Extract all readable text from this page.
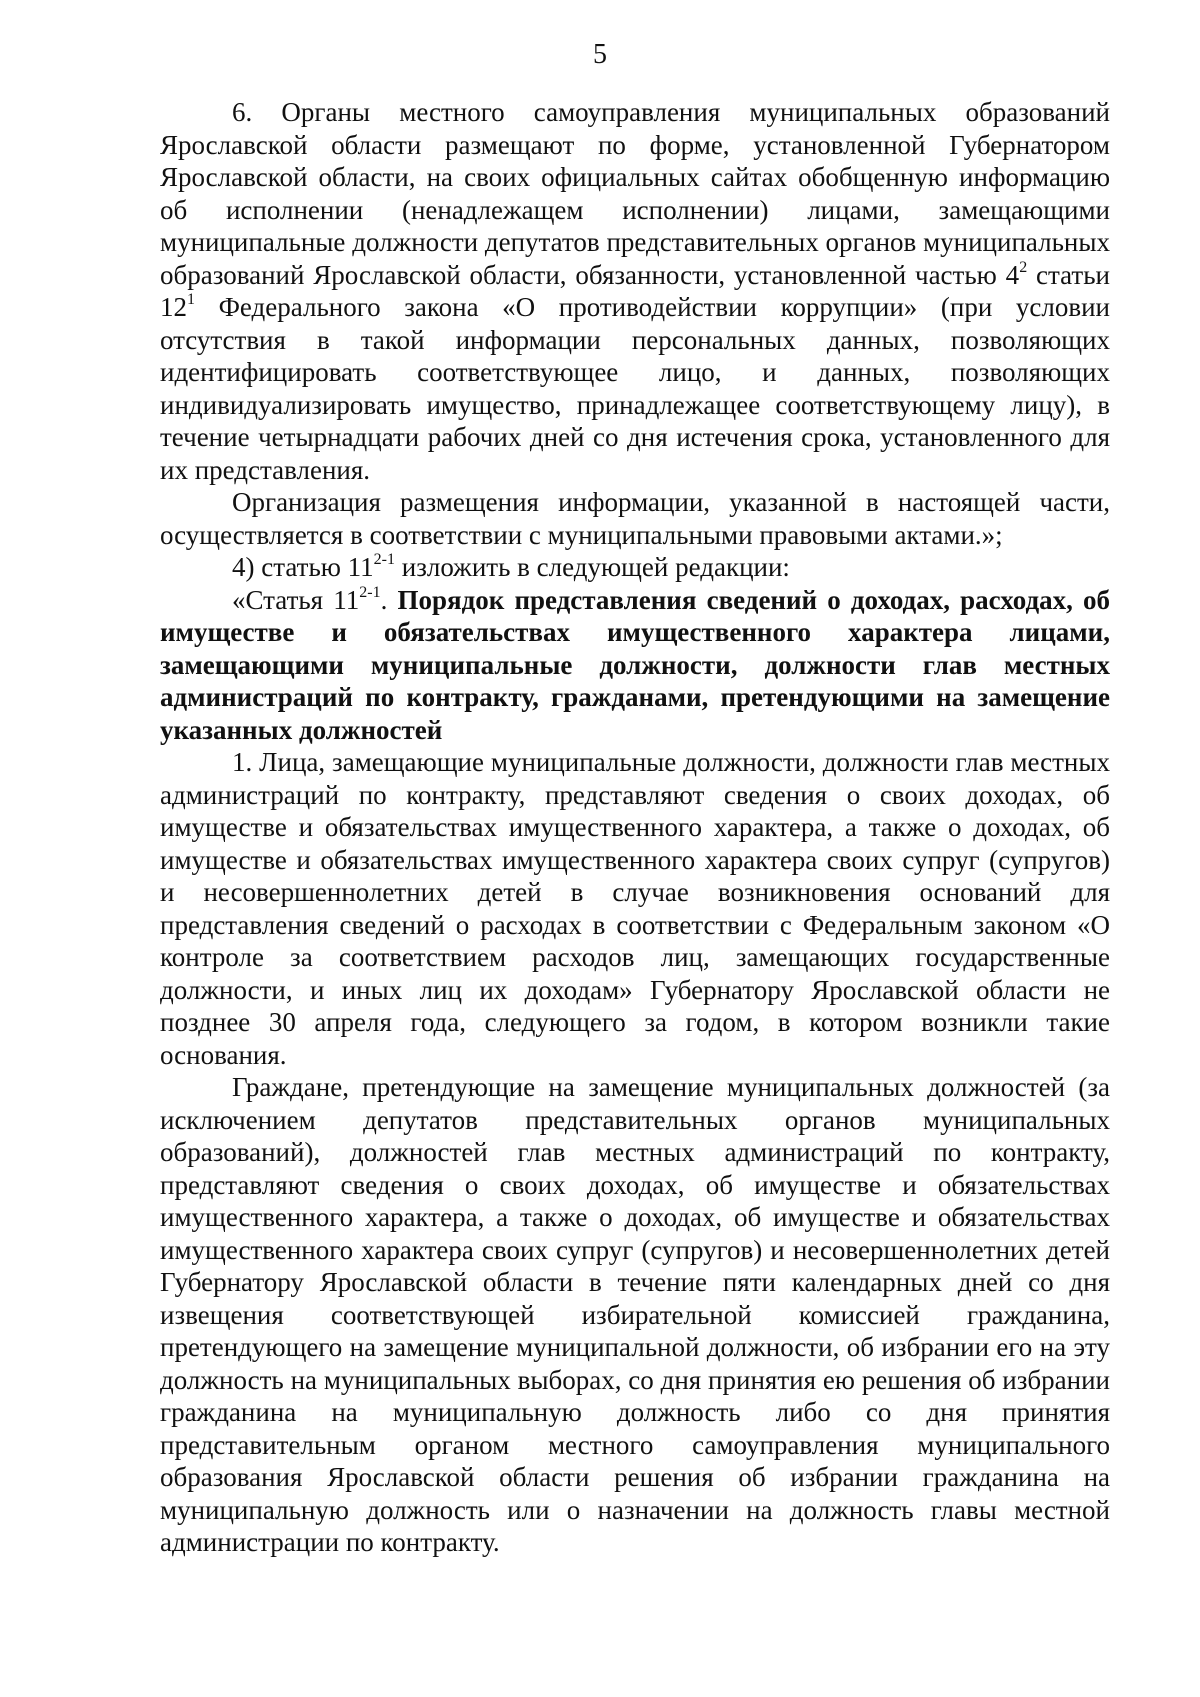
5

6. Органы местного самоуправления муниципальных образований Ярославской области размещают по форме, установленной Губернатором Ярославской области, на своих официальных сайтах обобщенную информацию об исполнении (ненадлежащем исполнении) лицами, замещающими муниципальные должности депутатов представительных органов муниципальных образований Ярославской области, обязанности, установленной частью $4^2$ статьи $12^1$ Федерального закона «О противодействии коррупции» (при условии отсутствия в такой информации персональных данных, позволяющих идентифицировать соответствующее лицо, и данных, позволяющих индивидуализировать имущество, принадлежащее соответствующему лицу), в течение четырнадцати рабочих дней со дня истечения срока, установленного для их представления.

Организация размещения информации, указанной в настоящей части, осуществляется в соответствии с муниципальными правовыми актами.»;

4) статью 11$^{2-1}$ изложить в следующей редакции:

«Статья 11$^{2-1}$. Порядок представления сведений о доходах, расходах, об имуществе и обязательствах имущественного характера лицами, замещающими муниципальные должности, должности глав местных администраций по контракту, гражданами, претендующими на замещение указанных должностей

1. Лица, замещающие муниципальные должности, должности глав местных администраций по контракту, представляют сведения о своих доходах, об имуществе и обязательствах имущественного характера, а также о доходах, об имуществе и обязательствах имущественного характера своих супруг (супругов) и несовершеннолетних детей в случае возникновения оснований для представления сведений о расходах в соответствии с Федеральным законом «О контроле за соответствием расходов лиц, замещающих государственные должности, и иных лиц их доходам» Губернатору Ярославской области не позднее 30 апреля года, следующего за годом, в котором возникли такие основания.

Граждане, претендующие на замещение муниципальных должностей (за исключением депутатов представительных органов муниципальных образований), должностей глав местных администраций по контракту, представляют сведения о своих доходах, об имуществе и обязательствах имущественного характера, а также о доходах, об имуществе и обязательствах имущественного характера своих супруг (супругов) и несовершеннолетних детей Губернатору Ярославской области в течение пяти календарных дней со дня извещения соответствующей избирательной комиссией гражданина, претендующего на замещение муниципальной должности, об избрании его на эту должность на муниципальных выборах, со дня принятия ею решения об избрании гражданина на муниципальную должность либо со дня принятия представительным органом местного самоуправления муниципального образования Ярославской области решения об избрании гражданина на муниципальную должность или о назначении на должность главы местной администрации по контракту.
